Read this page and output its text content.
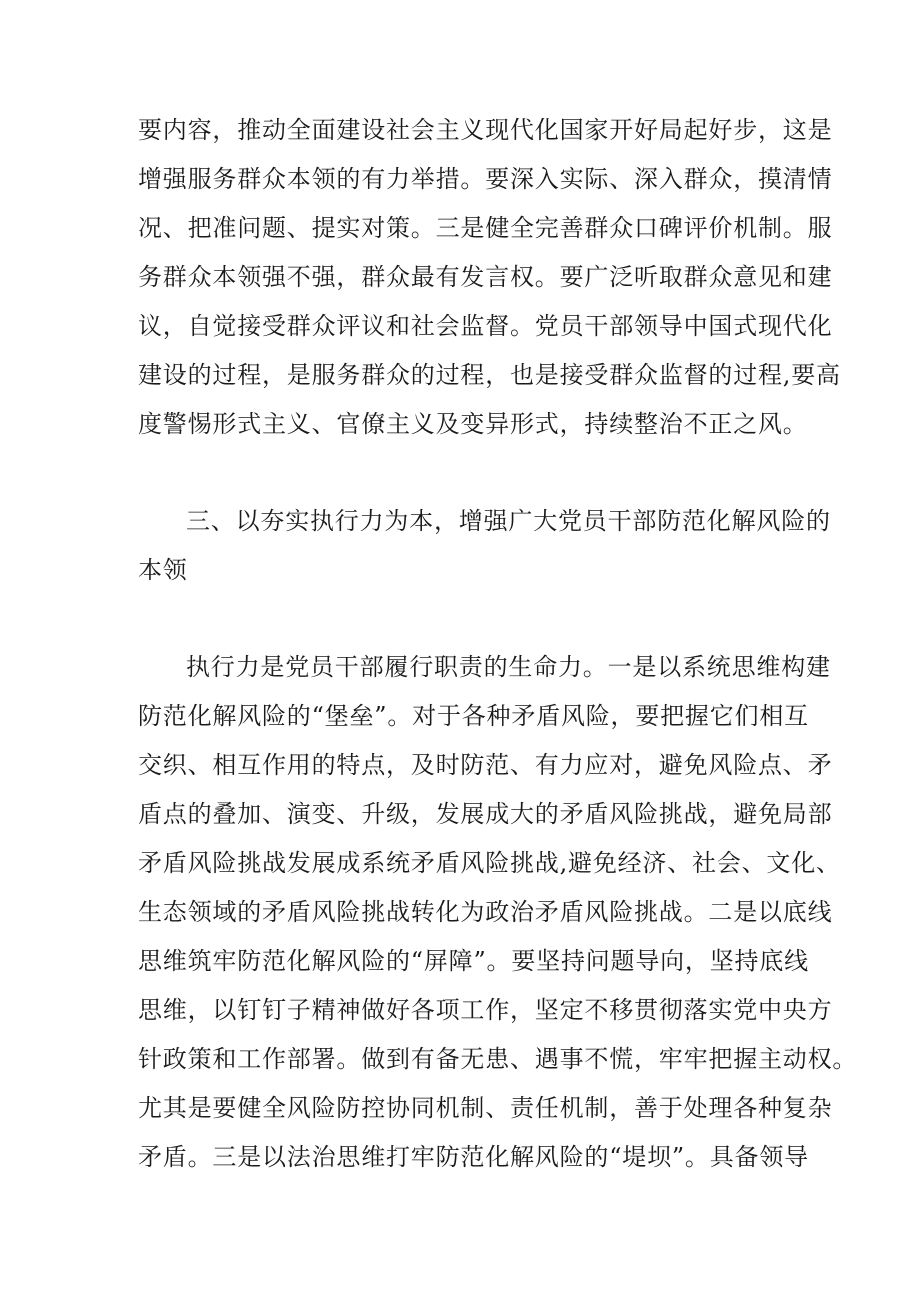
要内容，推动全面建设社会主义现代化国家开好局起好步，这是
增强服务群众本领的有力举措。要深入实际、深入群众，摸清情
况、把准问题、提实对策。三是健全完善群众口碑评价机制。服
务群众本领强不强，群众最有发言权。要广泛听取群众意见和建
议，自觉接受群众评议和社会监督。党员干部领导中国式现代化
建设的过程，是服务群众的过程，也是接受群众监督的过程,要高
度警惕形式主义、官僚主义及变异形式，持续整治不正之风。
三、以夯实执行力为本，增强广大党员干部防范化解风险的
本领
执行力是党员干部履行职责的生命力。一是以系统思维构建
防范化解风险的“堡垒”。对于各种矛盾风险，要把握它们相互
交织、相互作用的特点，及时防范、有力应对，避免风险点、矛
盾点的叠加、演变、升级，发展成大的矛盾风险挑战，避免局部
矛盾风险挑战发展成系统矛盾风险挑战,避免经济、社会、文化、
生态领域的矛盾风险挑战转化为政治矛盾风险挑战。二是以底线
思维筑牢防范化解风险的“屏障”。要坚持问题导向，坚持底线
思维，以钉钉子精神做好各项工作，坚定不移贯彻落实党中央方
针政策和工作部署。做到有备无患、遇事不慌，牢牢把握主动权。
尤其是要健全风险防控协同机制、责任机制，善于处理各种复杂
矛盾。三是以法治思维打牢防范化解风险的“堤坝”。具备领导
